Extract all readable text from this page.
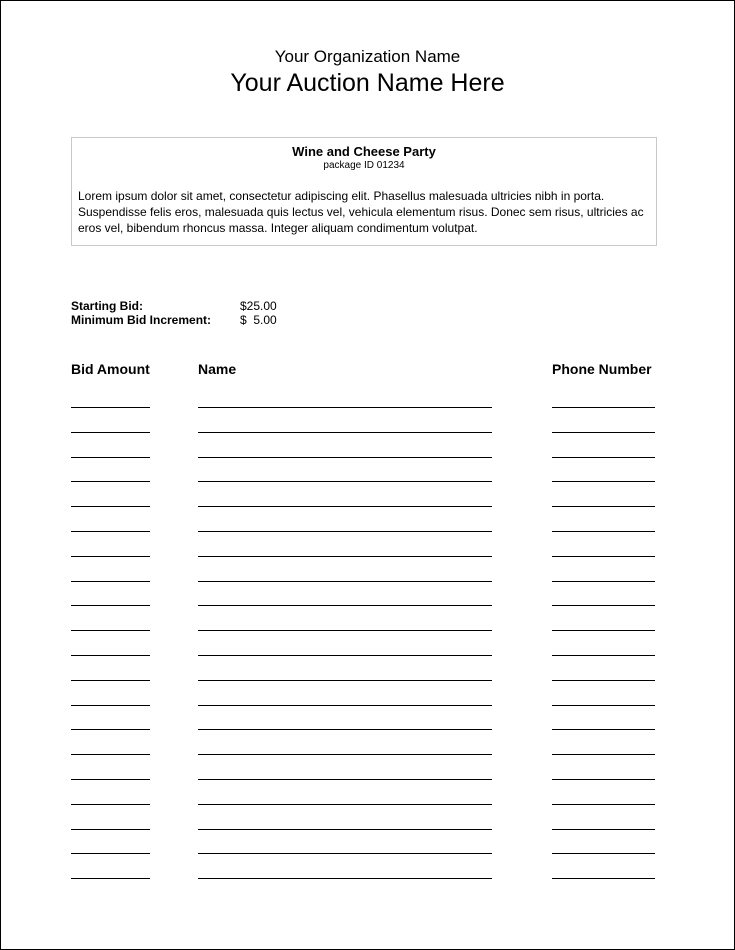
Your Organization Name
Your Auction Name Here
Wine and Cheese Party
package ID 01234
Lorem ipsum dolor sit amet, consectetur adipiscing elit. Phasellus malesuada ultricies nibh in porta. Suspendisse felis eros, malesuada quis lectus vel, vehicula elementum risus. Donec sem risus, ultricies ac eros vel, bibendum rhoncus massa. Integer aliquam condimentum volutpat.
Starting Bid:	$25.00
Minimum Bid Increment: $  5.00
Bid Amount	Name	Phone Number
